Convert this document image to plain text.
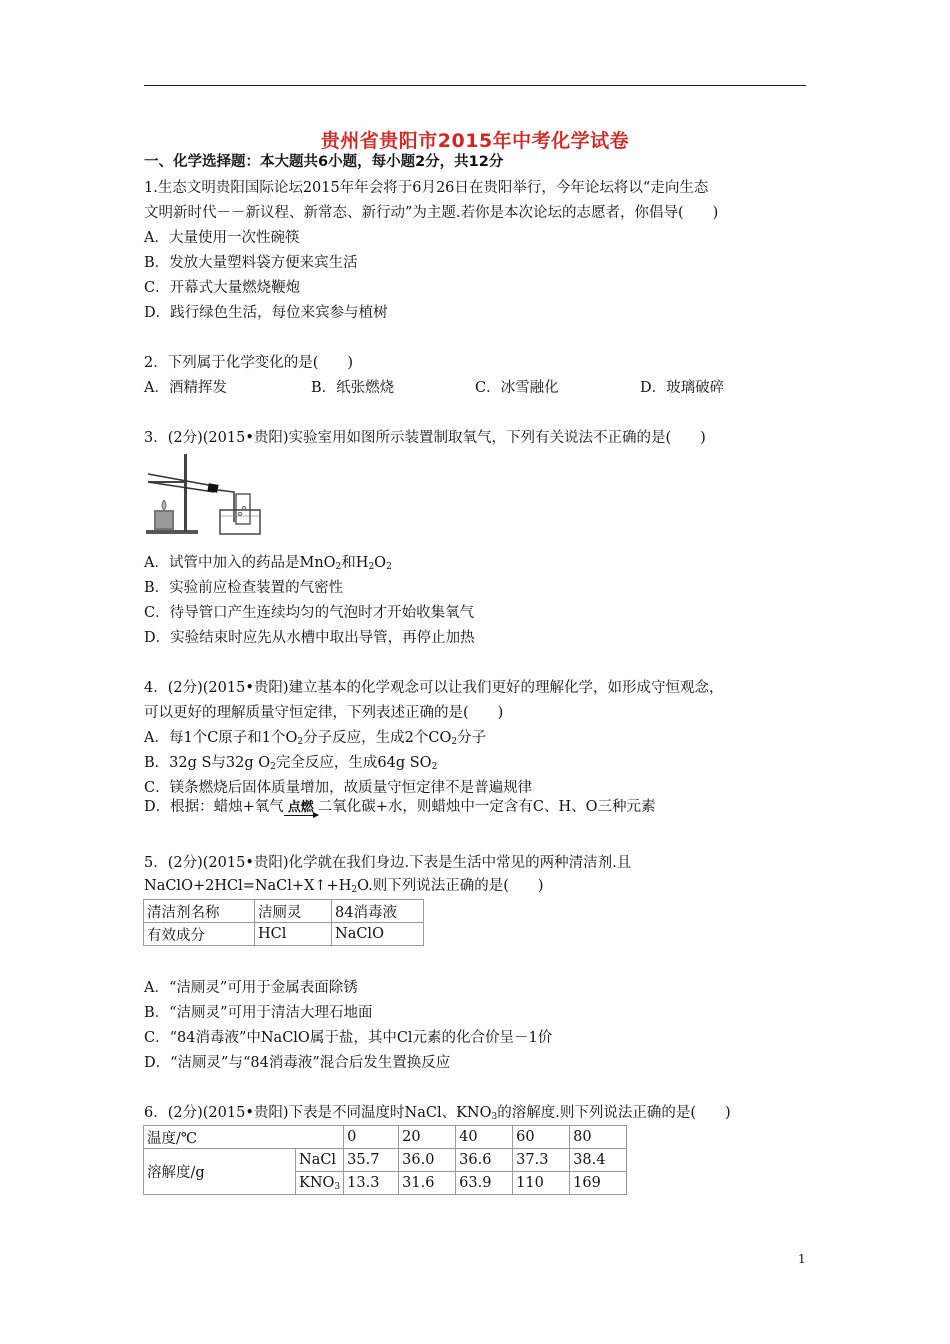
贵州省贵阳市2015年中考化学试卷
一、化学选择题：本大题共6小题，每小题2分，共12分
1.生态文明贵阳国际论坛2015年年会将于6月26日在贵阳举行，今年论坛将以“走向生态
文明新时代－－新议程、新常态、新行动”为主题.若你是本次论坛的志愿者，你倡导(　　)
A．大量使用一次性碗筷
B．发放大量塑料袋方便来宾生活
C．开幕式大量燃烧鞭炮
D．践行绿色生活，每位来宾参与植树
2．下列属于化学变化的是(　　)
A．酒精挥发	B．纸张燃烧	C．冰雪融化	D．玻璃破碎
3．(2分)(2015•贵阳)实验室用如图所示装置制取氧气，下列有关说法不正确的是(　　)
A．试管中加入的药品是MnO$_2$和$H_2O_2$
B．实验前应检查装置的气密性
C．待导管口产生连续均匀的气泡时才开始收集氧气
D．实验结束时应先从水槽中取出导管，再停止加热
4．(2分)(2015•贵阳)建立基本的化学观念可以让我们更好的理解化学，如形成守恒观念，
可以更好的理解质量守恒定律，下列表述正确的是(　　)
A．每1个C原子和1个$O_2$分子反应，生成2个$CO_2$分子
B．32g S与32g $O_2$完全反应，生成64g $SO_2$
C．镁条燃烧后固体质量增加，故质量守恒定律不是普遍规律
D．根据：蜡烛+氧气 点燃 二氧化碳+水，则蜡烛中一定含有C、H、O三种元素
5．(2分)(2015•贵阳)化学就在我们身边.下表是生活中常见的两种清洁剂.且
$NaClO+2HCl=NaCl+X↑+H_2O$.则下列说法正确的是(　　)
清洁剂名称	洁厕灵	84消毒液
有效成分	HCl	NaClO
A．“洁厕灵”可用于金属表面除锈
B．“洁厕灵”可用于清洁大理石地面
C．“84消毒液”中NaClO属于盐，其中Cl元素的化合价呈－1价
D．“洁厕灵”与“84消毒液”混合后发生置换反应
6．(2分)(2015•贵阳)下表是不同温度时NaCl、$KNO_3$的溶解度.则下列说法正确的是(　　)
温度/℃		0	20	40	60	80
溶解度/g	NaCl	35.7	36.0	36.6	37.3	38.4
	$KNO_3$	13.3	31.6	63.9	110	169
1
